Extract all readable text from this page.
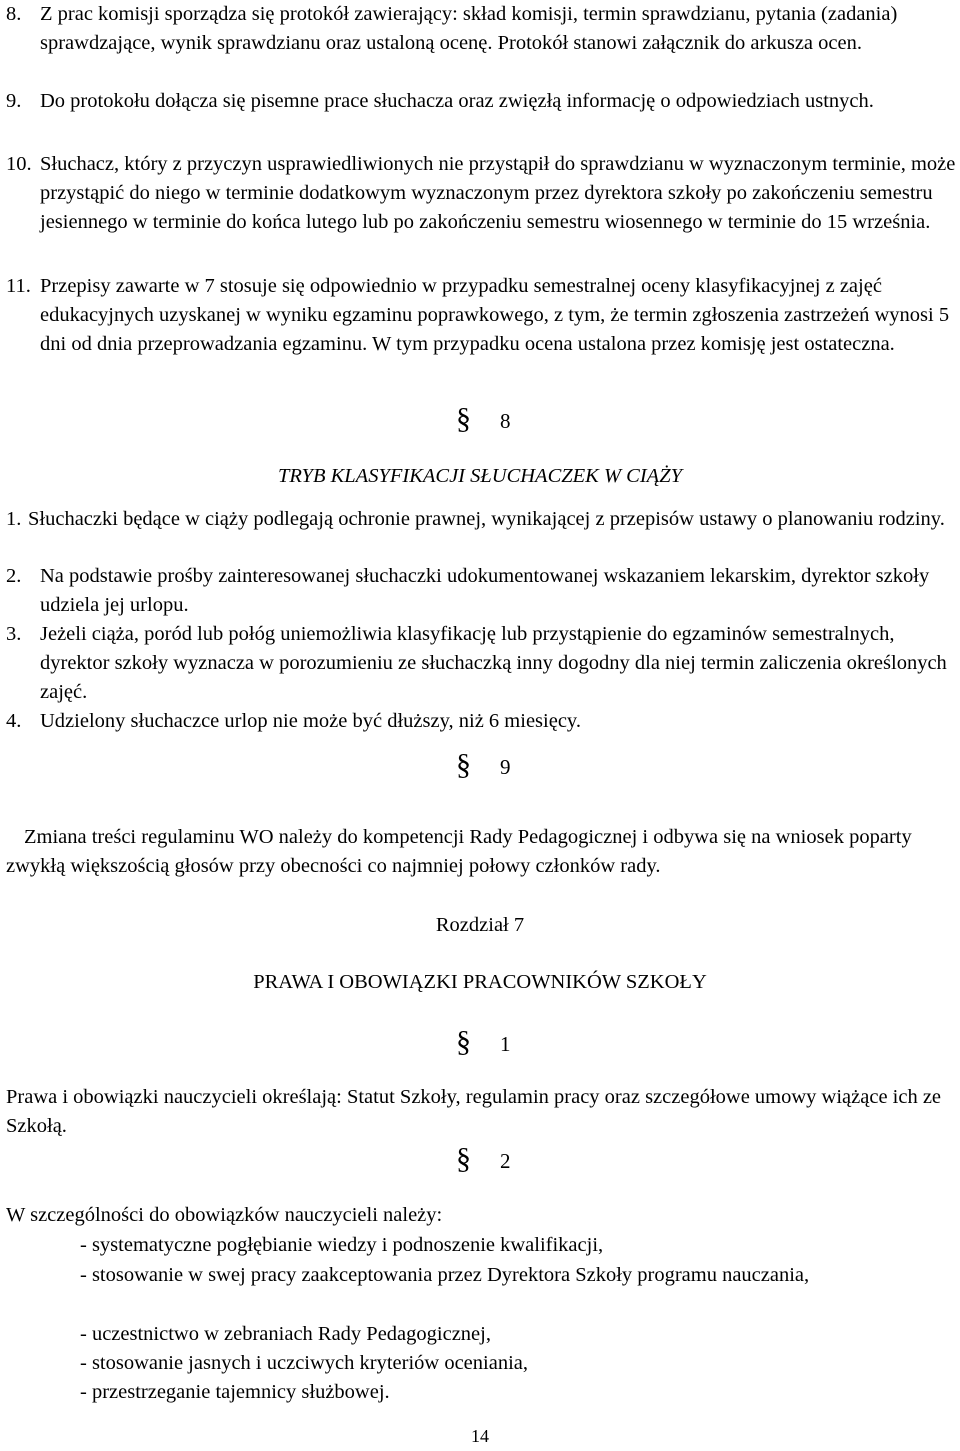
8. Z prac komisji sporządza się protokół zawierający: skład komisji, termin sprawdzianu, pytania (zadania) sprawdzające, wynik sprawdzianu oraz ustaloną ocenę. Protokół stanowi załącznik do arkusza ocen.
9. Do protokołu dołącza się pisemne prace słuchacza oraz zwięzłą informację o odpowiedziach ustnych.
10. Słuchacz, który z przyczyn usprawiedliwionych nie przystąpił do sprawdzianu w wyznaczonym terminie, może przystąpić do niego w terminie dodatkowym wyznaczonym przez dyrektora szkoły po zakończeniu semestru jesiennego w terminie do końca lutego lub po zakończeniu semestru wiosennego w terminie do 15 września.
11. Przepisy zawarte w 7 stosuje się odpowiednio w przypadku semestralnej oceny klasyfikacyjnej z zajęć edukacyjnych uzyskanej w wyniku egzaminu poprawkowego, z tym, że termin zgłoszenia zastrzeżeń wynosi 5 dni od dnia przeprowadzania egzaminu. W tym przypadku ocena ustalona przez komisję jest ostateczna.
§ 8
TRYB KLASYFIKACJI SŁUCHACZEK W CIĄŻY
1. Słuchaczki będące w ciąży podlegają ochronie prawnej, wynikającej z przepisów ustawy o planowaniu rodziny.
2. Na podstawie prośby zainteresowanej słuchaczki udokumentowanej wskazaniem lekarskim, dyrektor szkoły udziela jej urlopu.
3. Jeżeli ciąża, poród lub połóg uniemożliwia klasyfikację lub przystąpienie do egzaminów semestralnych, dyrektor szkoły wyznacza w porozumieniu ze słuchaczką inny dogodny dla niej termin zaliczenia określonych zajęć.
4. Udzielony słuchaczce urlop nie może być dłuższy, niż 6 miesięcy.
§ 9
Zmiana treści regulaminu WO należy do kompetencji Rady Pedagogicznej i odbywa się na wniosek poparty zwykłą większością głosów przy obecności co najmniej połowy członków rady.
Rozdział 7
PRAWA I OBOWIĄZKI PRACOWNIKÓW SZKOŁY
§ 1
Prawa i obowiązki nauczycieli określają: Statut Szkoły, regulamin pracy oraz szczegółowe umowy wiążące ich ze Szkołą.
§ 2
W szczególności do obowiązków nauczycieli należy:
- systematyczne pogłębianie wiedzy i podnoszenie kwalifikacji,
- stosowanie w swej pracy zaakceptowania przez Dyrektora Szkoły programu nauczania,
- uczestnictwo w zebraniach Rady Pedagogicznej,
- stosowanie jasnych i uczciwych kryteriów oceniania,
- przestrzeganie tajemnicy służbowej.
14
